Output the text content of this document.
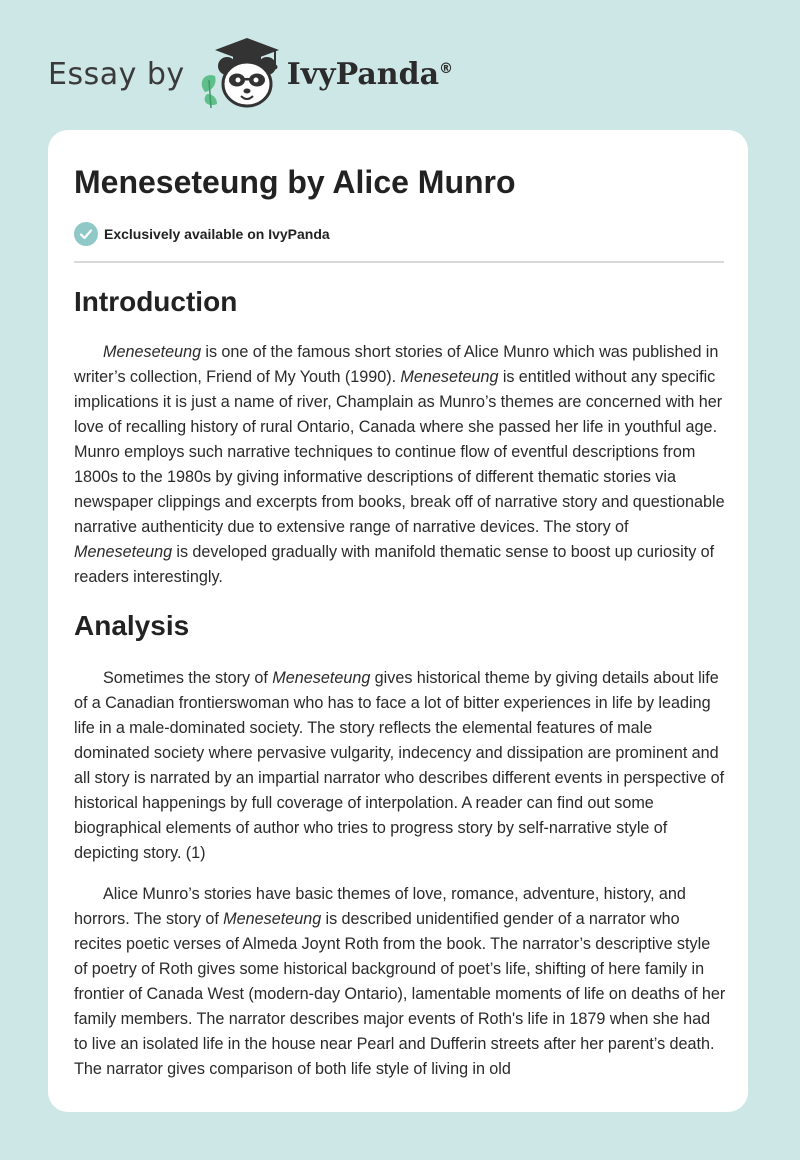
Essay by	IvyPanda®
Meneseteung by Alice Munro
Exclusively available on IvyPanda
Introduction

Meneseteung is one of the famous short stories of Alice Munro which was published in writer’s collection, Friend of My Youth (1990). Meneseteung is entitled without any specific implications it is just a name of river, Champlain as Munro’s themes are concerned with her love of recalling history of rural Ontario, Canada where she passed her life in youthful age. Munro employs such narrative techniques to continue flow of eventful descriptions from 1800s to the 1980s by giving informative descriptions of different thematic stories via newspaper clippings and excerpts from books, break off of narrative story and questionable narrative authenticity due to extensive range of narrative devices. The story of Meneseteung is developed gradually with manifold thematic sense to boost up curiosity of readers interestingly.

Analysis

Sometimes the story of Meneseteung gives historical theme by giving details about life of a Canadian frontierswoman who has to face a lot of bitter experiences in life by leading life in a male-dominated society. The story reflects the elemental features of male dominated society where pervasive vulgarity, indecency and dissipation are prominent and all story is narrated by an impartial narrator who describes different events in perspective of historical happenings by full coverage of interpolation. A reader can find out some biographical elements of author who tries to progress story by self-narrative style of depicting story. (1)

Alice Munro’s stories have basic themes of love, romance, adventure, history, and horrors. The story of Meneseteung is described unidentified gender of a narrator who recites poetic verses of Almeda Joynt Roth from the book. The narrator’s descriptive style of poetry of Roth gives some historical background of poet’s life, shifting of here family in frontier of Canada West (modern-day Ontario), lamentable moments of life on deaths of her family members. The narrator describes major events of Roth's life in 1879 when she had to live an isolated life in the house near Pearl and Dufferin streets after her parent’s death. The narrator gives comparison of both life style of living in old
